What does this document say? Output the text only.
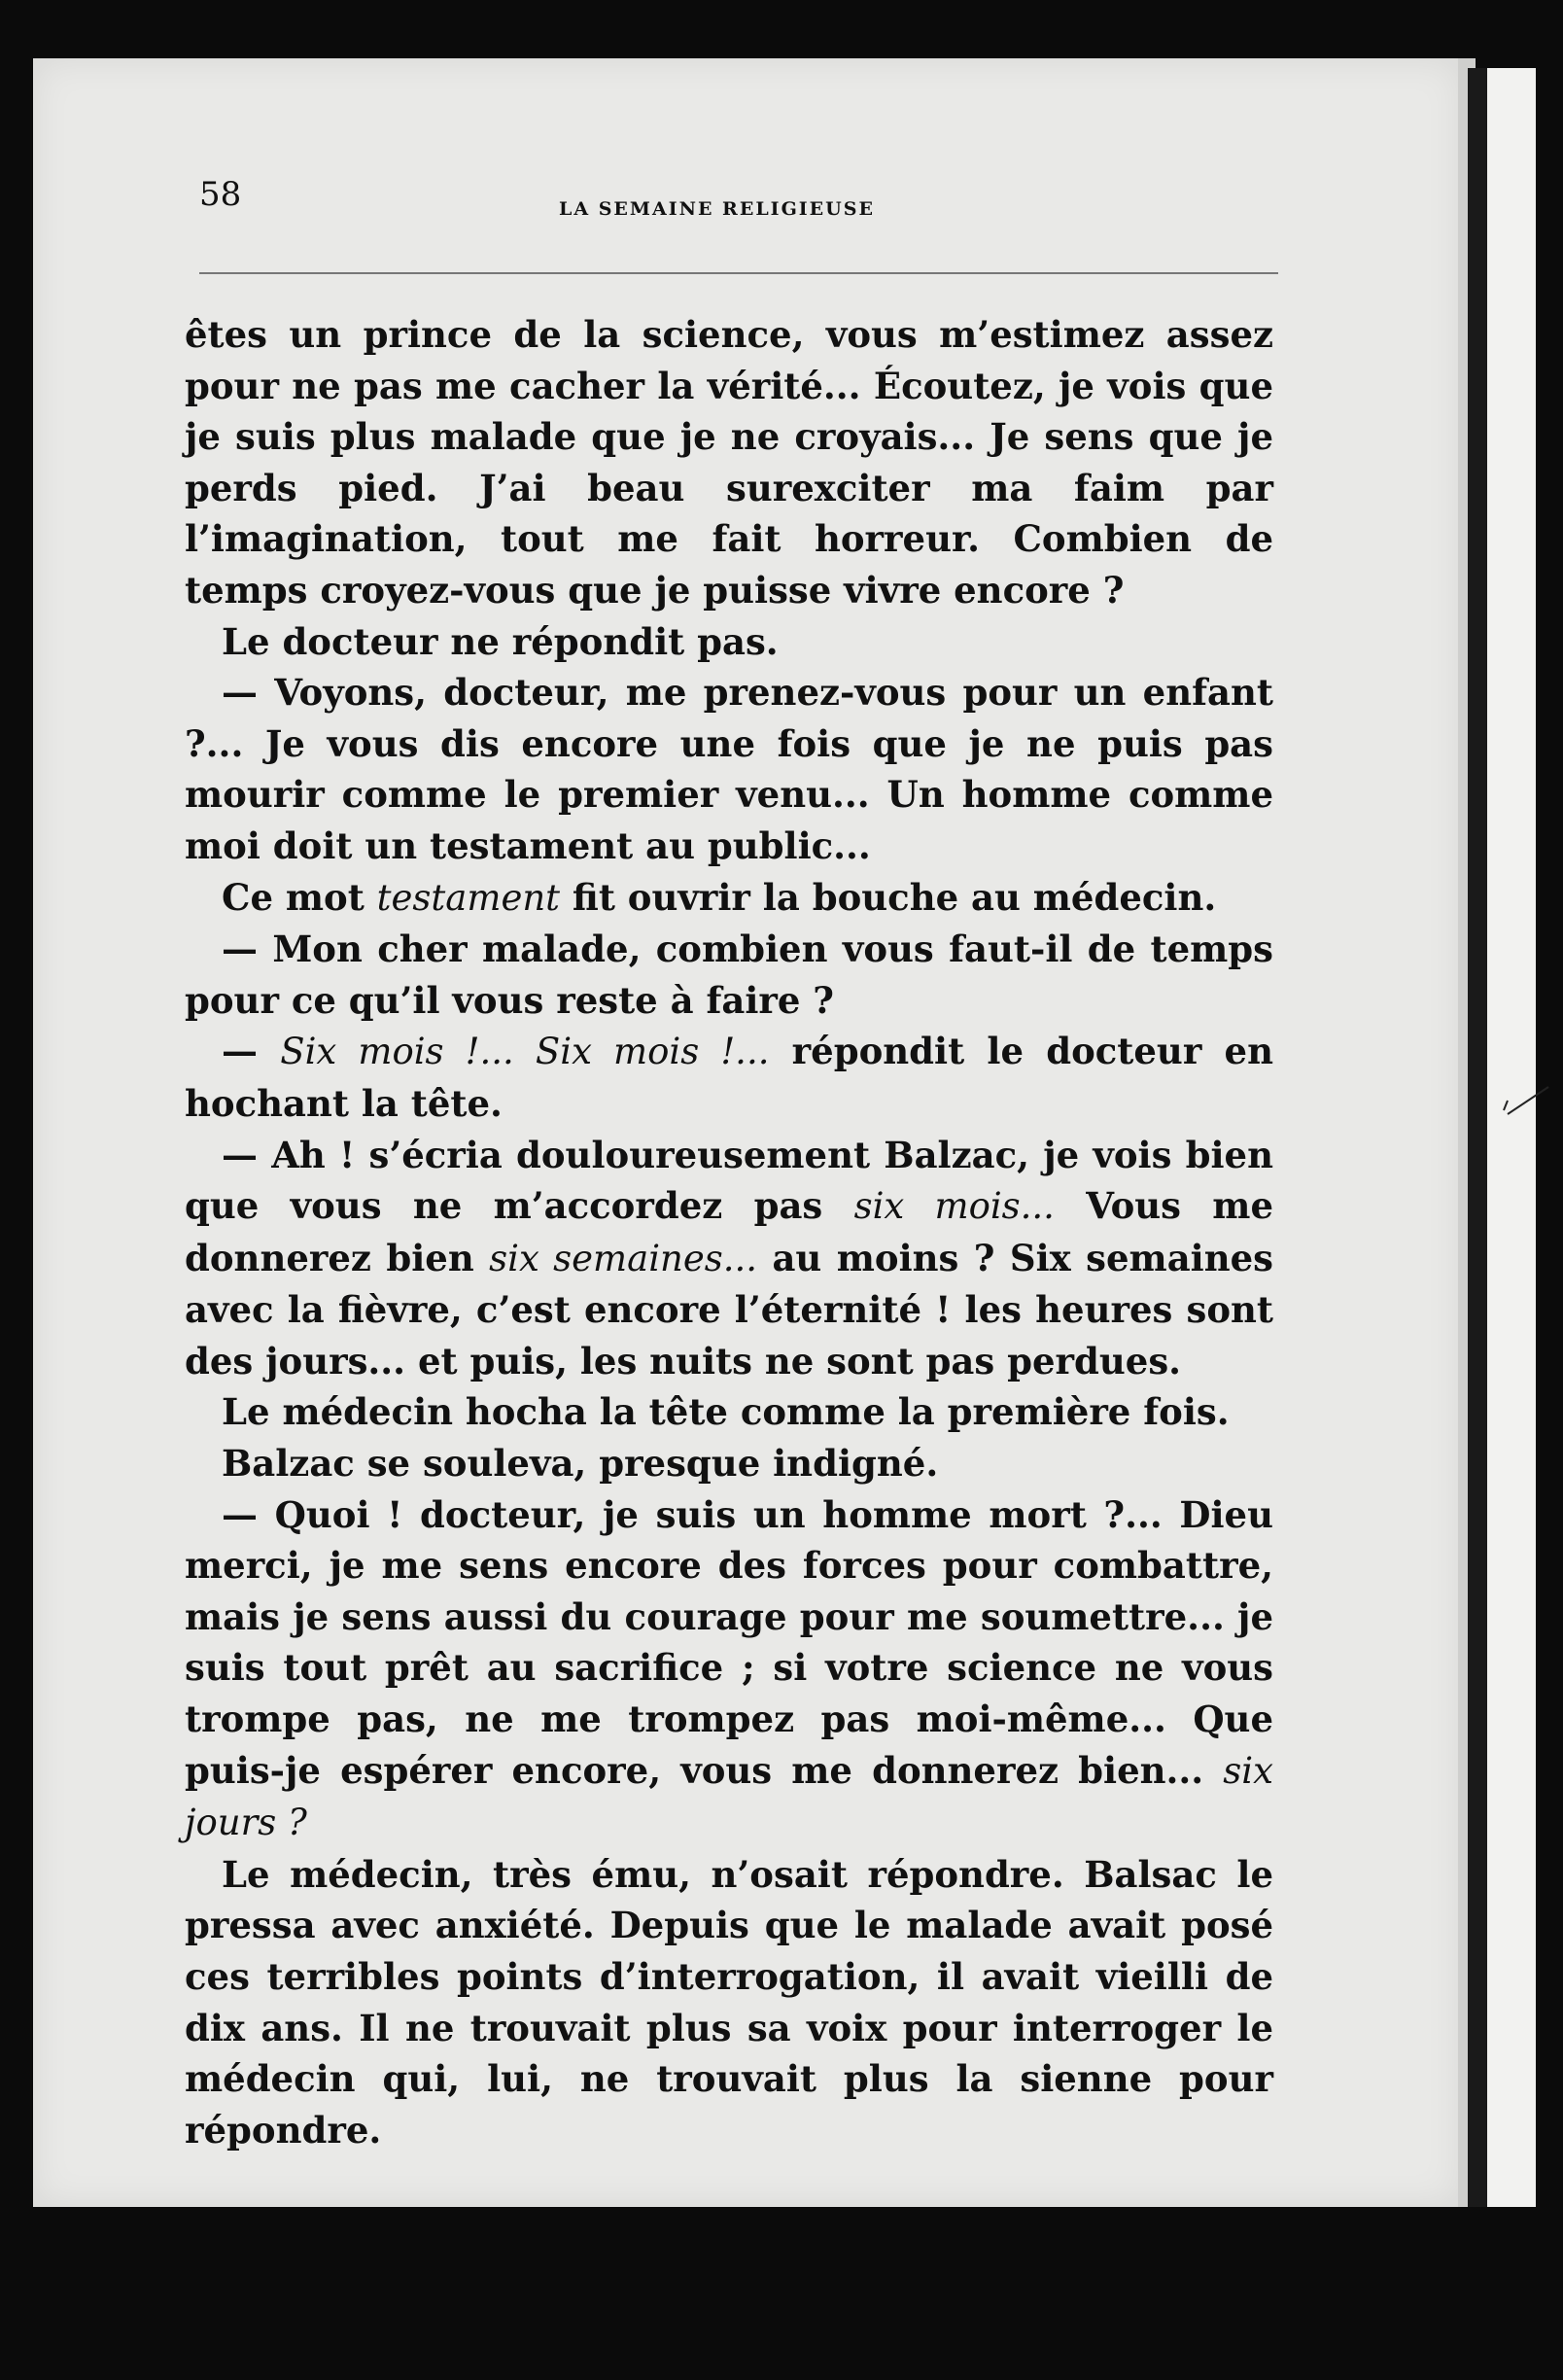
58	LA SEMAINE RELIGIEUSE

êtes un prince de la science, vous m’estimez assez pour ne pas me cacher la vérité... Écoutez, je vois que je suis plus malade que je ne croyais... Je sens que je perds pied. J’ai beau surexciter ma faim par l’imagination, tout me fait horreur. Combien de temps croyez-vous que je puisse vivre encore ?

Le docteur ne répondit pas.

— Voyons, docteur, me prenez-vous pour un enfant ?... Je vous dis encore une fois que je ne puis pas mourir comme le premier venu... Un homme comme moi doit un testament au public...

Ce mot testament fit ouvrir la bouche au médecin.

— Mon cher malade, combien vous faut-il de temps pour ce qu’il vous reste à faire ?

— Six mois !... Six mois !... répondit le docteur en hochant la tête.

— Ah ! s’écria douloureusement Balzac, je vois bien que vous ne m’accordez pas six mois... Vous me donnerez bien six semaines... au moins ? Six semaines avec la fièvre, c’est encore l’éternité ! les heures sont des jours... et puis, les nuits ne sont pas perdues.

Le médecin hocha la tête comme la première fois.

Balzac se souleva, presque indigné.

— Quoi ! docteur, je suis un homme mort ?... Dieu merci, je me sens encore des forces pour combattre, mais je sens aussi du courage pour me soumettre... je suis tout prêt au sacrifice ; si votre science ne vous trompe pas, ne me trompez pas moi-même... Que puis-je espérer encore, vous me donnerez bien... six jours ?

Le médecin, très ému, n’osait répondre. Balsac le pressa avec anxiété. Depuis que le malade avait posé ces terribles points d’interrogation, il avait vieilli de dix ans. Il ne trouvait plus sa voix pour interroger le médecin qui, lui, ne trouvait plus la sienne pour répondre.
